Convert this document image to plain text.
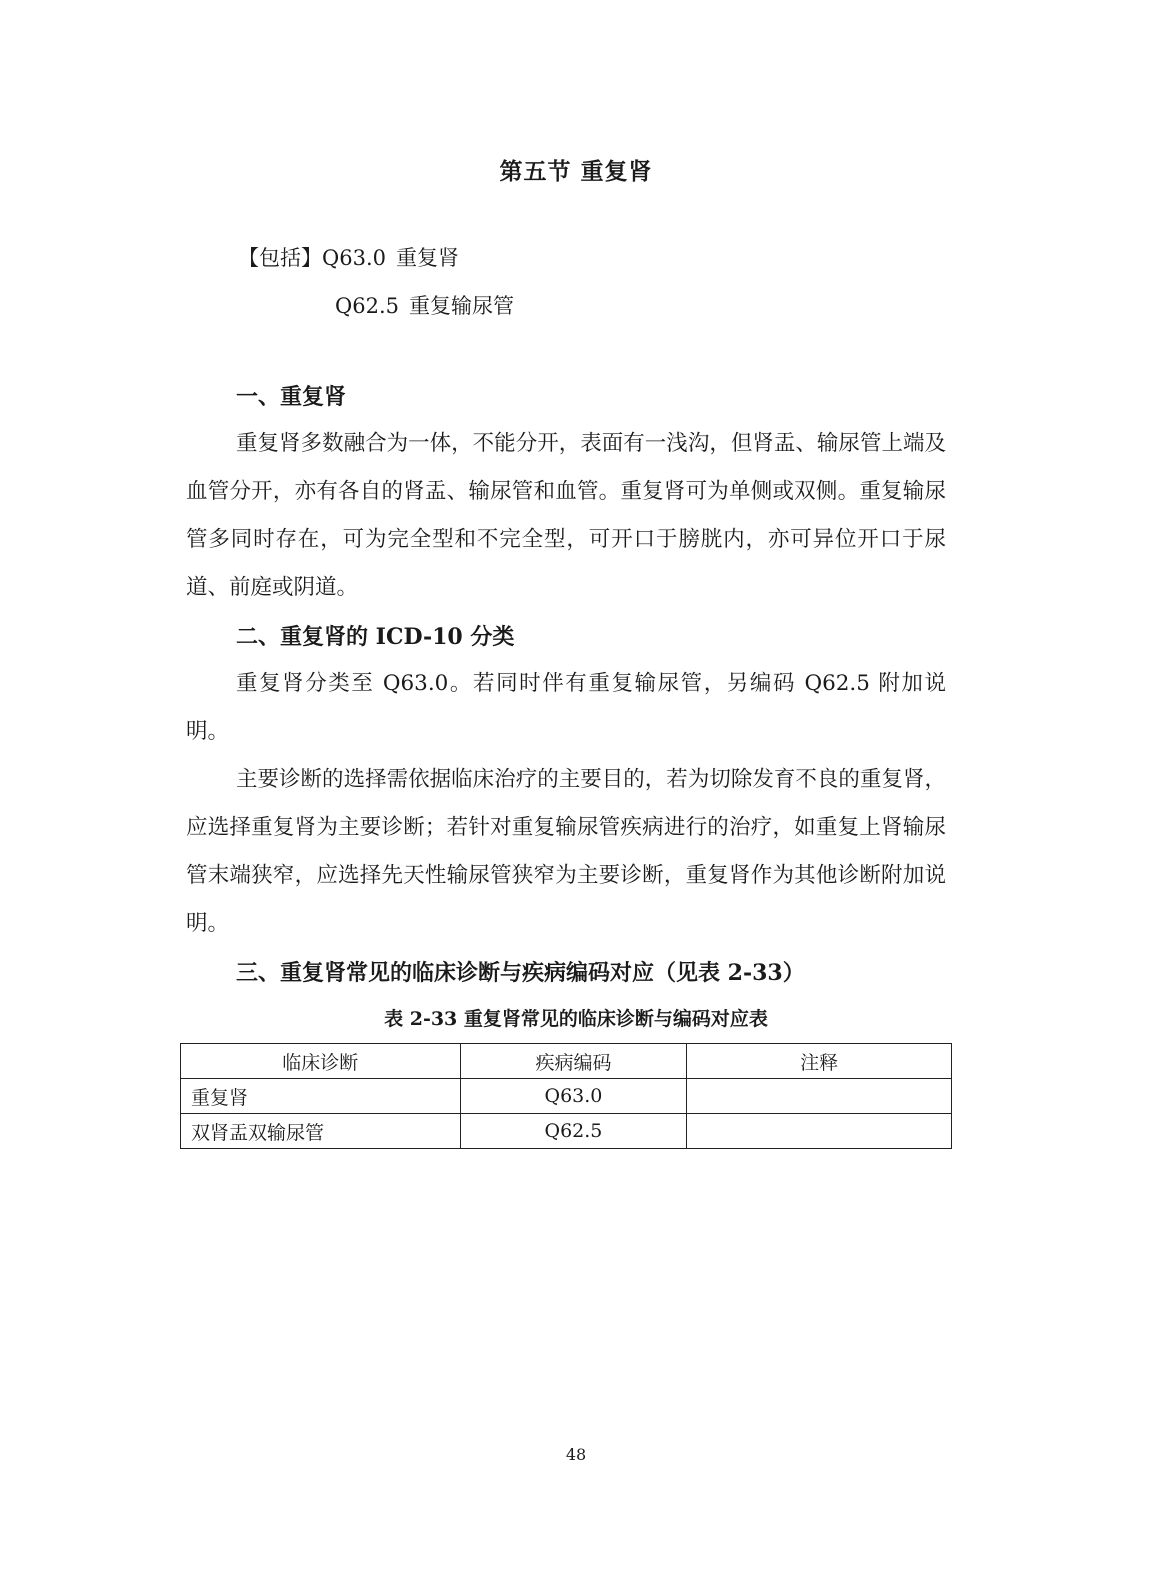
第五节 重复肾
【包括】Q63.0 重复肾
Q62.5 重复输尿管
一、重复肾

重复肾多数融合为一体，不能分开，表面有一浅沟，但肾盂、输尿管上端及血管分开，亦有各自的肾盂、输尿管和血管。重复肾可为单侧或双侧。重复输尿管多同时存在，可为完全型和不完全型，可开口于膀胱内，亦可异位开口于尿道、前庭或阴道。

二、重复肾的 ICD-10 分类

重复肾分类至 Q63.0。若同时伴有重复输尿管，另编码 Q62.5 附加说明。

主要诊断的选择需依据临床治疗的主要目的，若为切除发育不良的重复肾，应选择重复肾为主要诊断；若针对重复输尿管疾病进行的治疗，如重复上肾输尿管末端狭窄，应选择先天性输尿管狭窄为主要诊断，重复肾作为其他诊断附加说明。

三、重复肾常见的临床诊断与疾病编码对应（见表 2-33）
表 2-33 重复肾常见的临床诊断与编码对应表
临床诊断	疾病编码	注释
重复肾	Q63.0	
双肾盂双输尿管	Q62.5	
48
